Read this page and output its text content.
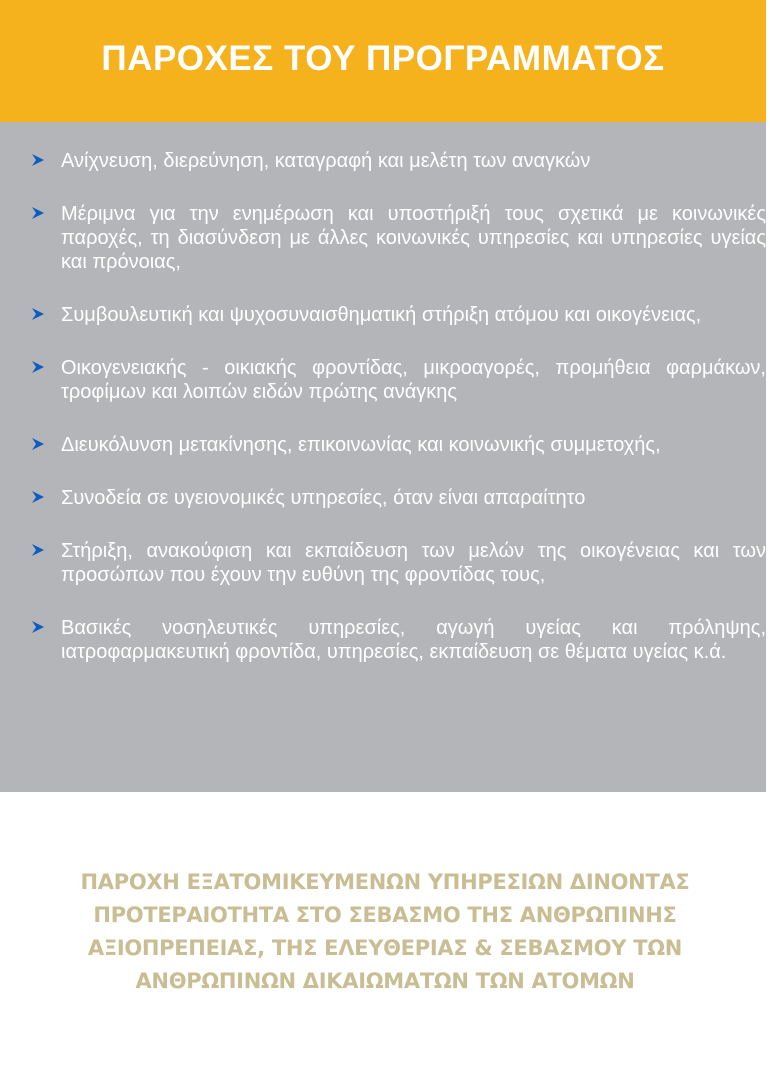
ΠΑΡΟΧΕΣ ΤΟΥ ΠΡΟΓΡΑΜΜΑΤΟΣ
Ανίχνευση, διερεύνηση, καταγραφή και μελέτη των αναγκών
Μέριμνα για την ενημέρωση και υποστήριξή τους σχετικά με κοινωνικές παροχές, τη διασύνδεση με άλλες κοινωνικές υπηρεσίες και υπηρεσίες υγείας και πρόνοιας,
Συμβουλευτική και ψυχοσυναισθηματική στήριξη ατόμου και οικογένειας,
Οικογενειακής - οικιακής φροντίδας, μικροαγορές, προμήθεια φαρμάκων, τροφίμων και λοιπών ειδών πρώτης ανάγκης
Διευκόλυνση μετακίνησης, επικοινωνίας και κοινωνικής συμμετοχής,
Συνοδεία σε υγειονομικές υπηρεσίες, όταν είναι απαραίτητο
Στήριξη, ανακούφιση και εκπαίδευση των μελών της οικογένειας και των προσώπων που έχουν την ευθύνη της φροντίδας τους,
Βασικές νοσηλευτικές υπηρεσίες, αγωγή υγείας και πρόληψης, ιατροφαρμακευτική φροντίδα, υπηρεσίες, εκπαίδευση σε θέματα υγείας κ.ά.
ΠΑΡΟΧΗ ΕΞΑΤΟΜΙΚΕΥΜΕΝΩΝ ΥΠΗΡΕΣΙΩΝ ΔΙΝΟΝΤΑΣ ΠΡΟΤΕΡΑΙΟΤΗΤΑ ΣΤΟ ΣΕΒΑΣΜΟ ΤΗΣ ΑΝΘΡΩΠΙΝΗΣ ΑΞΙΟΠΡΕΠΕΙΑΣ, ΤΗΣ ΕΛΕΥΘΕΡΙΑΣ & ΣΕΒΑΣΜΟΥ ΤΩΝ ΑΝΘΡΩΠΙΝΩΝ ΔΙΚΑΙΩΜΑΤΩΝ ΤΩΝ ΑΤΟΜΩΝ
